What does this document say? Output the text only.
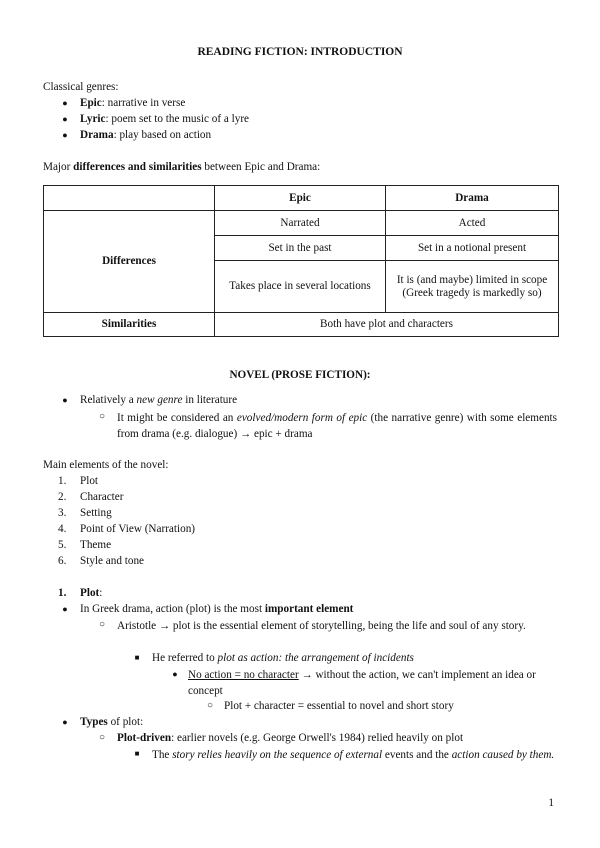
READING FICTION: INTRODUCTION
Classical genres:
● Epic: narrative in verse
● Lyric: poem set to the music of a lyre
● Drama: play based on action
Major differences and similarities between Epic and Drama:
	Epic	Drama
Differences	Narrated	Acted
	Set in the past	Set in a notional present
	Takes place in several locations	It is (and maybe) limited in scope (Greek tragedy is markedly so)
Similarities	Both have plot and characters	
NOVEL (PROSE FICTION):
● Relatively a new genre in literature
○ It might be considered an evolved/modern form of epic (the narrative genre) with some elements from drama (e.g. dialogue) → epic + drama
Main elements of the novel:
1. Plot
2. Character
3. Setting
4. Point of View (Narration)
5. Theme
6. Style and tone
1. Plot:
● In Greek drama, action (plot) is the most important element
○ Aristotle → plot is the essential element of storytelling, being the life and soul of any story.
■ He referred to plot as action: the arrangement of incidents
● No action = no character → without the action, we can't implement an idea or concept
○ Plot + character = essential to novel and short story
● Types of plot:
○ Plot-driven: earlier novels (e.g. George Orwell's 1984) relied heavily on plot
■ The story relies heavily on the sequence of external events and the action caused by them.
1
